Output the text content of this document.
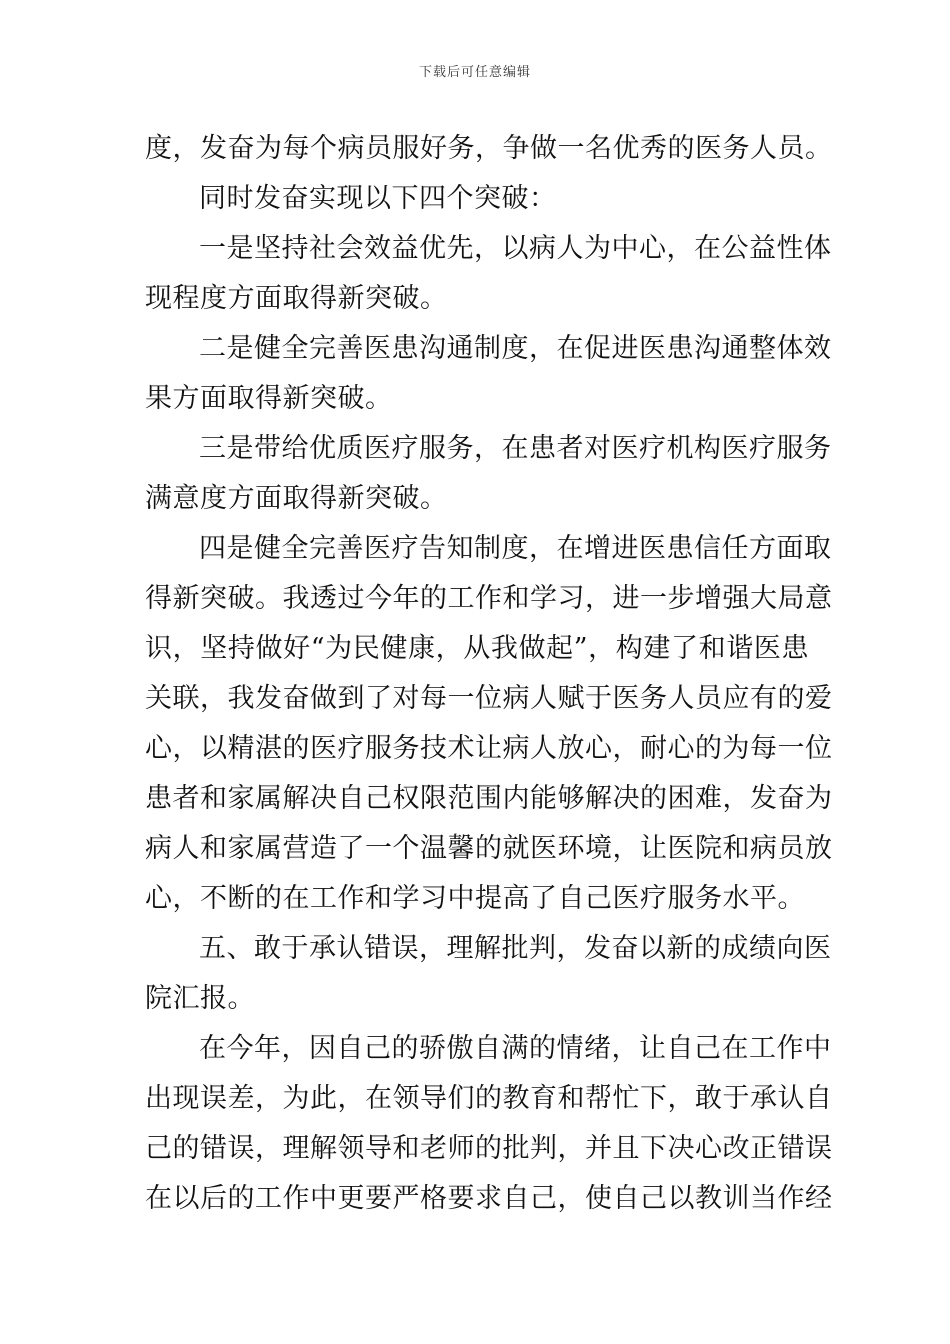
下载后可任意编辑
度，发奋为每个病员服好务，争做一名优秀的医务人员。
同时发奋实现以下四个突破：
一是坚持社会效益优先，以病人为中心，在公益性体
现程度方面取得新突破。
二是健全完善医患沟通制度，在促进医患沟通整体效
果方面取得新突破。
三是带给优质医疗服务，在患者对医疗机构医疗服务
满意度方面取得新突破。
四是健全完善医疗告知制度，在增进医患信任方面取
得新突破。我透过今年的工作和学习，进一步增强大局意
识，坚持做好“为民健康，从我做起”，构建了和谐医患
关联，我发奋做到了对每一位病人赋于医务人员应有的爱
心，以精湛的医疗服务技术让病人放心，耐心的为每一位
患者和家属解决自己权限范围内能够解决的困难，发奋为
病人和家属营造了一个温馨的就医环境，让医院和病员放
心，不断的在工作和学习中提高了自己医疗服务水平。
五、敢于承认错误，理解批判，发奋以新的成绩向医
院汇报。
在今年，因自己的骄傲自满的情绪，让自己在工作中
出现误差，为此，在领导们的教育和帮忙下，敢于承认自
己的错误，理解领导和老师的批判，并且下决心改正错误
在以后的工作中更要严格要求自己，使自己以教训当作经
